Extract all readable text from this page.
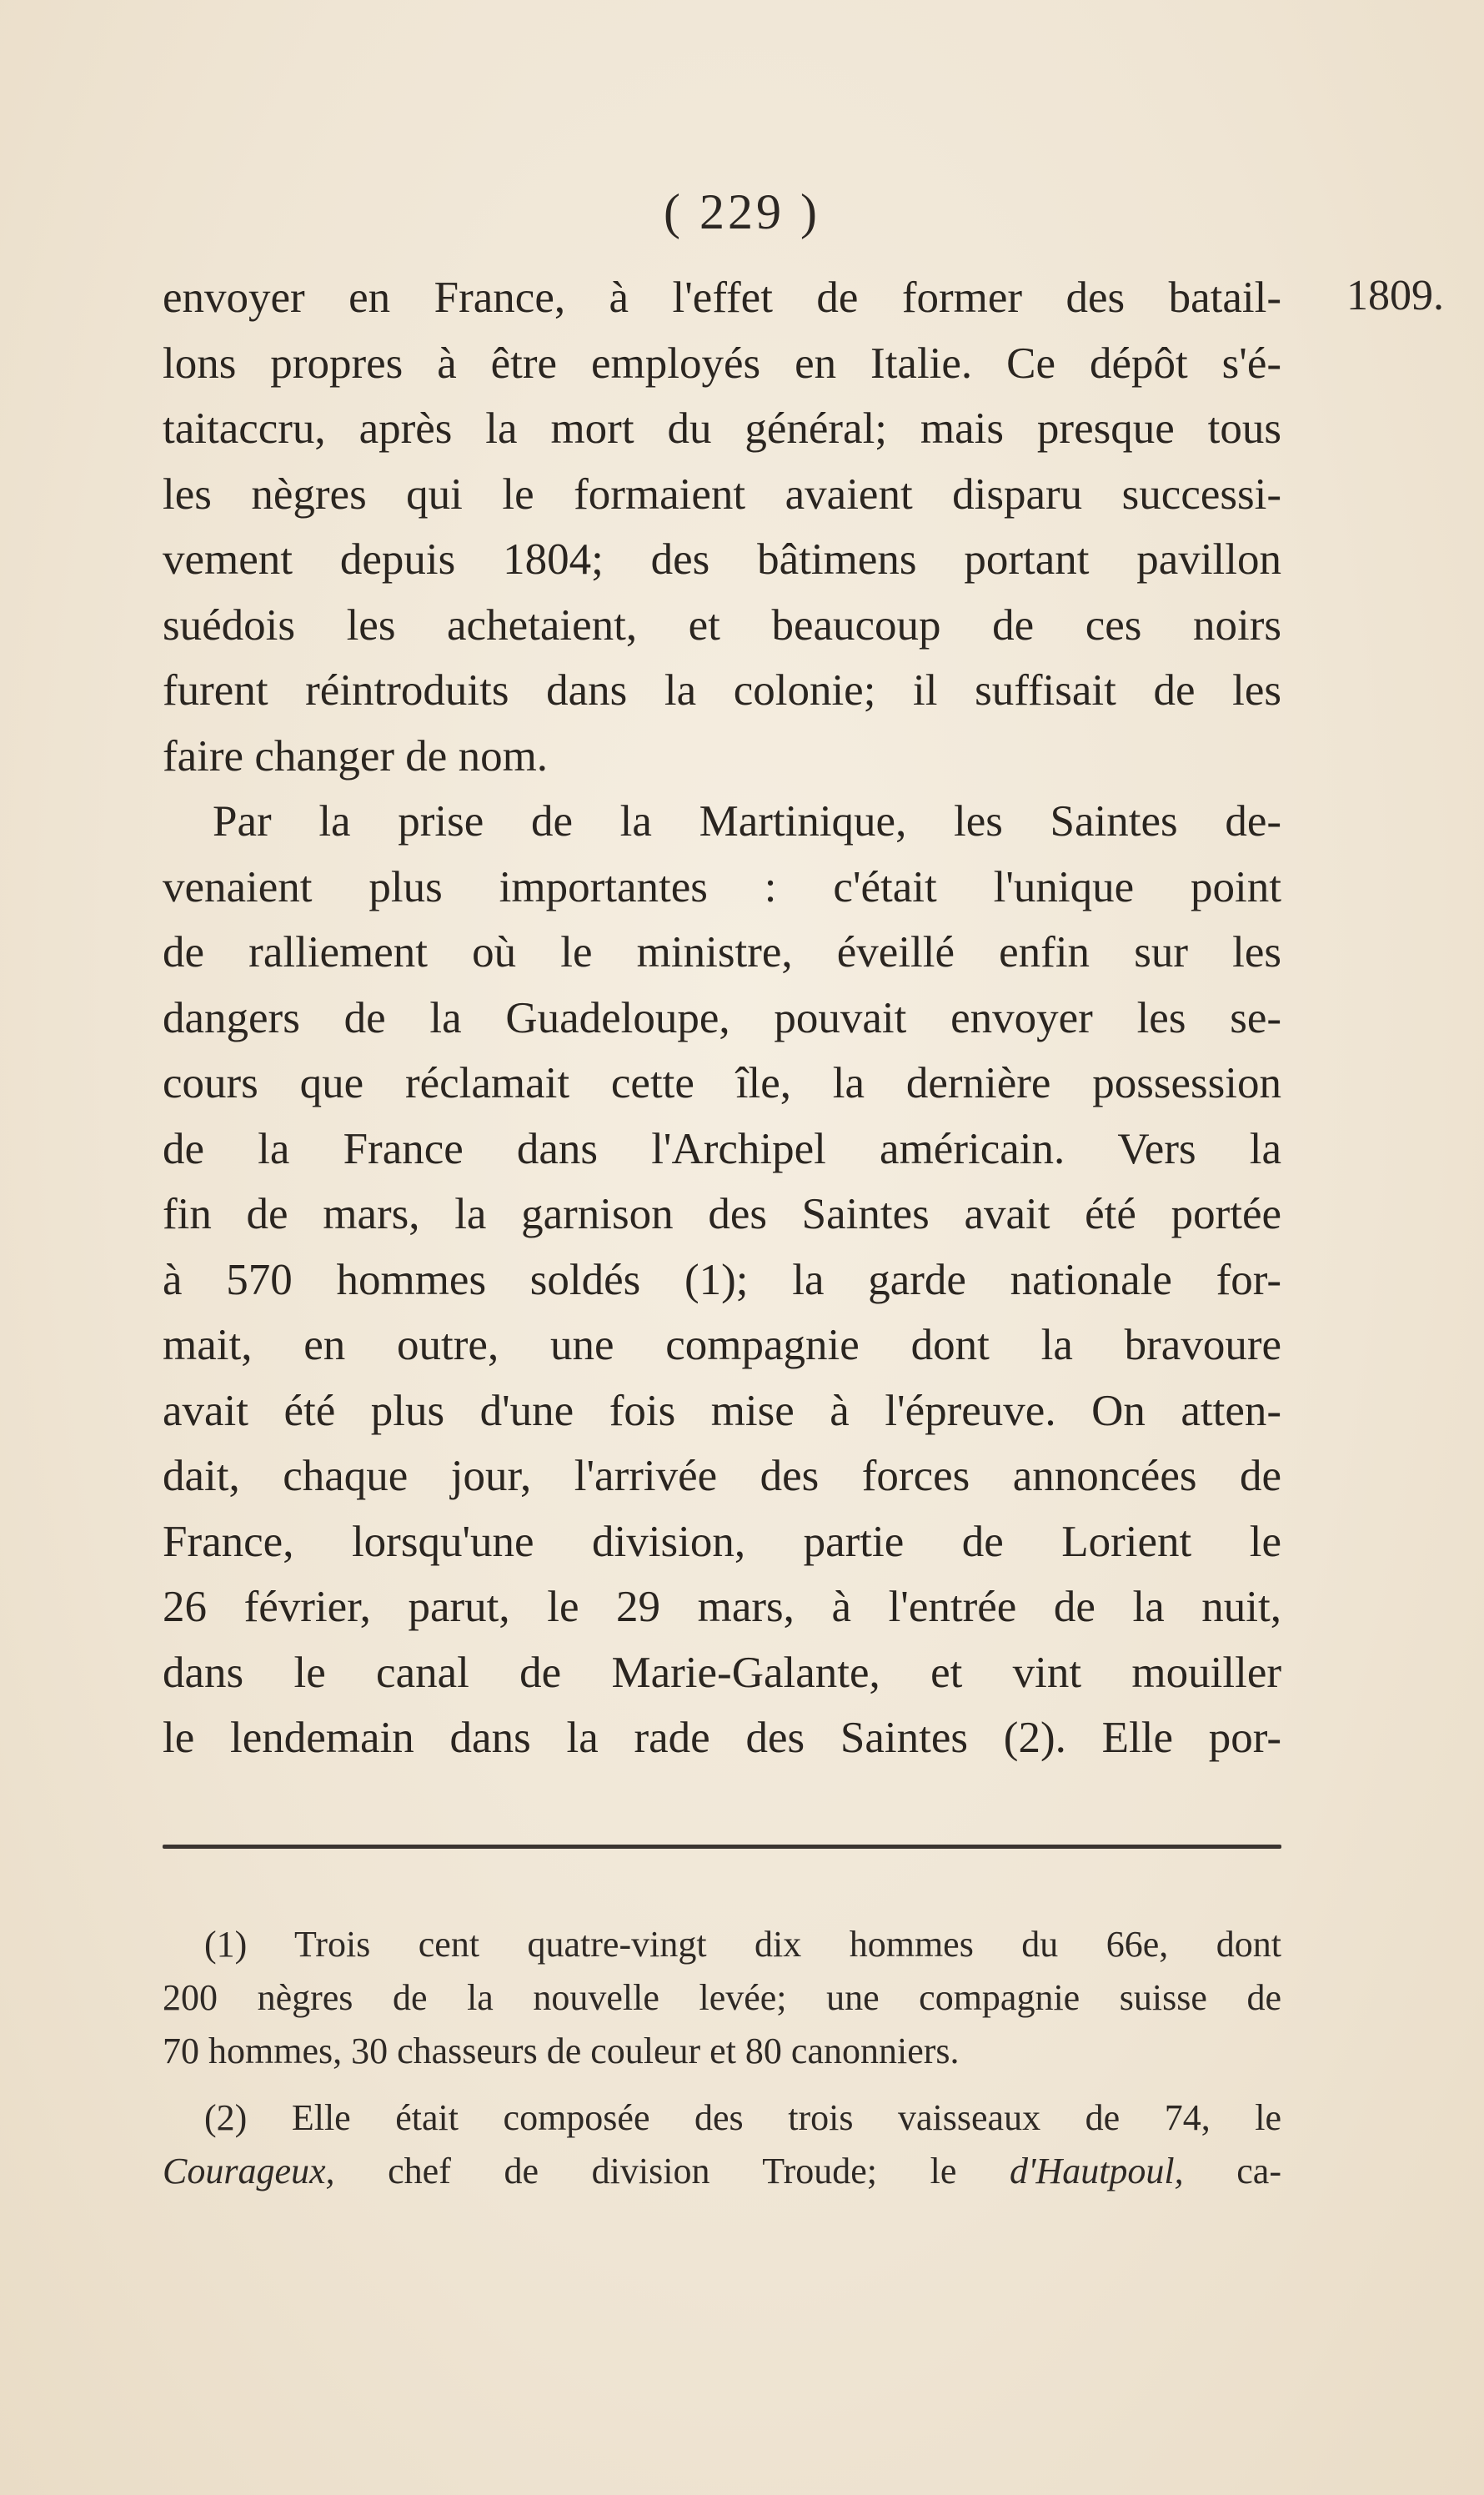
( 229 )
1809.
envoyer en France, à l'effet de former des batail-
lons propres à être employés en Italie. Ce dépôt s'é-
taitaccru, après la mort du général; mais presque tous
les nègres qui le formaient avaient disparu successi-
vement depuis 1804; des bâtimens portant pavillon
suédois les achetaient, et beaucoup de ces noirs
furent réintroduits dans la colonie; il suffisait de les
faire changer de nom.
Par la prise de la Martinique, les Saintes de-
venaient plus importantes : c'était l'unique point
de ralliement où le ministre, éveillé enfin sur les
dangers de la Guadeloupe, pouvait envoyer les se-
cours que réclamait cette île, la dernière possession
de la France dans l'Archipel américain. Vers la
fin de mars, la garnison des Saintes avait été portée
à 570 hommes soldés (1); la garde nationale for-
mait, en outre, une compagnie dont la bravoure
avait été plus d'une fois mise à l'épreuve. On atten-
dait, chaque jour, l'arrivée des forces annoncées de
France, lorsqu'une division, partie de Lorient le
26 février, parut, le 29 mars, à l'entrée de la nuit,
dans le canal de Marie-Galante, et vint mouiller
le lendemain dans la rade des Saintes (2). Elle por-
(1) Trois cent quatre-vingt dix hommes du 66e, dont
200 nègres de la nouvelle levée; une compagnie suisse de
70 hommes, 30 chasseurs de couleur et 80 canonniers.
(2) Elle était composée des trois vaisseaux de 74, le
Courageux, chef de division Troude; le d'Hautpoul, ca-
